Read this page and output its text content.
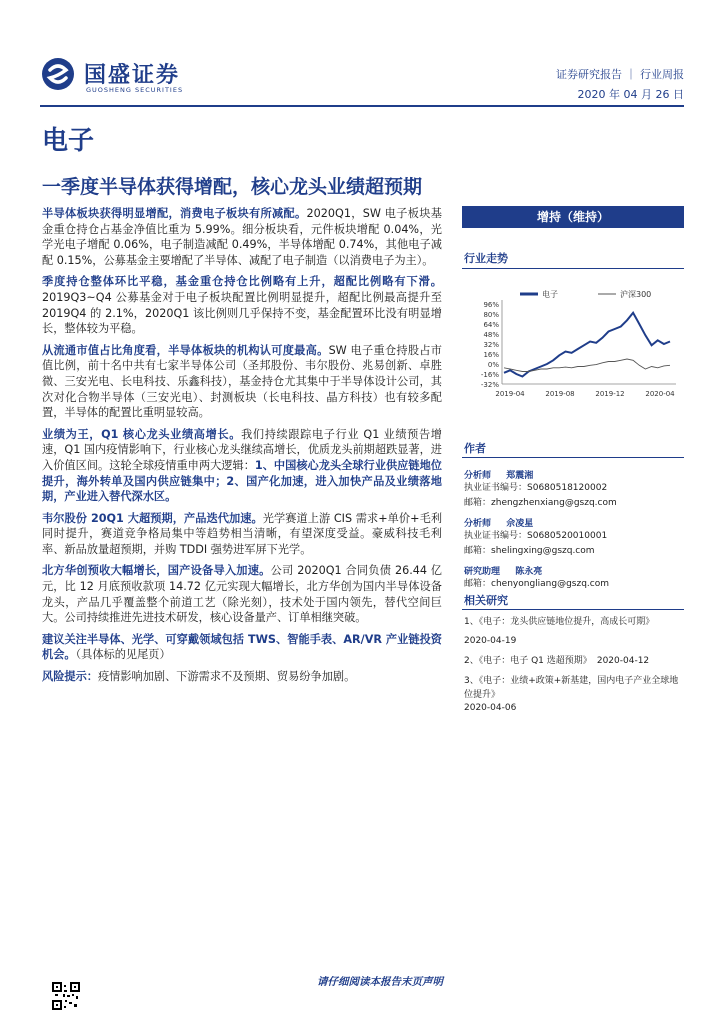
国盛证券
GUOSHENG SECURITIES
证券研究报告 ｜ 行业周报
2020 年 04 月 26 日
电子
一季度半导体获得增配，核心龙头业绩超预期

半导体板块获得明显增配，消费电子板块有所减配。2020Q1，SW 电子板块基金重仓持仓占基金净值比重为 5.99%。细分板块看，元件板块增配 0.04%，光学光电子增配 0.06%，电子制造减配 0.49%，半导体增配 0.74%，其他电子减配 0.15%，公募基金主要增配了半导体、减配了电子制造（以消费电子为主）。

季度持仓整体环比平稳，基金重仓持仓比例略有上升，超配比例略有下滑。2019Q3~Q4 公募基金对于电子板块配置比例明显提升，超配比例最高提升至 2019Q4 的 2.1%，2020Q1 该比例则几乎保持不变，基金配置环比没有明显增长，整体较为平稳。

从流通市值占比角度看，半导体板块的机构认可度最高。SW 电子重仓持股占市值比例，前十名中共有七家半导体公司（圣邦股份、韦尔股份、兆易创新、卓胜微、三安光电、长电科技、乐鑫科技），基金持仓尤其集中于半导体设计公司，其次对化合物半导体（三安光电）、封测板块（长电科技、晶方科技）也有较多配置，半导体的配置比重明显较高。

业绩为王，Q1 核心龙头业绩高增长。我们持续跟踪电子行业 Q1 业绩预告增速，Q1 国内疫情影响下，行业核心龙头继续高增长，优质龙头前期超跌显著，进入价值区间。这轮全球疫情重申两大逻辑：1、中国核心龙头全球行业供应链地位提升，海外转单及国内供应链集中；2、国产化加速，进入加快产品及业绩落地期，产业进入替代深水区。

韦尔股份 20Q1 大超预期，产品迭代加速。光学赛道上游 CIS 需求+单价+毛利同时提升，赛道竞争格局集中等趋势相当清晰，有望深度受益。豪威科技毛利率、新品放量超预期，并购 TDDI 强势进军屏下光学。

北方华创预收大幅增长，国产设备导入加速。公司 2020Q1 合同负债 26.44 亿元，比 12 月底预收款项 14.72 亿元实现大幅增长，北方华创为国内半导体设备龙头，产品几乎覆盖整个前道工艺（除光刻），技术处于国内领先，替代空间巨大。公司持续推进先进技术研发，核心设备量产、订单相继突破。

建议关注半导体、光学、可穿戴领域包括 TWS、智能手表、AR/VR 产业链投资机会。（具体标的见尾页）

风险提示：疫情影响加剧、下游需求不及预期、贸易纷争加剧。

增持（维持）
行业走势
电子	沪深300
96%
80%
64%
48%
32%
16%
0%
-16%
-32%
2019-04	2019-08	2019-12	2020-04
作者
分析师 郑震湘
执业证书编号：S0680518120002
邮箱：zhengzhenxiang@gszq.com
分析师 佘凌星
执业证书编号：S0680520010001
邮箱：shelingxing@gszq.com
研究助理 陈永亮
邮箱：chenyongliang@gszq.com
相关研究
1、《电子：龙头供应链地位提升，高成长可期》
2020-04-19
2、《电子：电子 Q1 选超预期》 2020-04-12
3、《电子：业绩+政策+新基建，国内电子产业全球地位提升》
2020-04-06
请仔细阅读本报告末页声明
